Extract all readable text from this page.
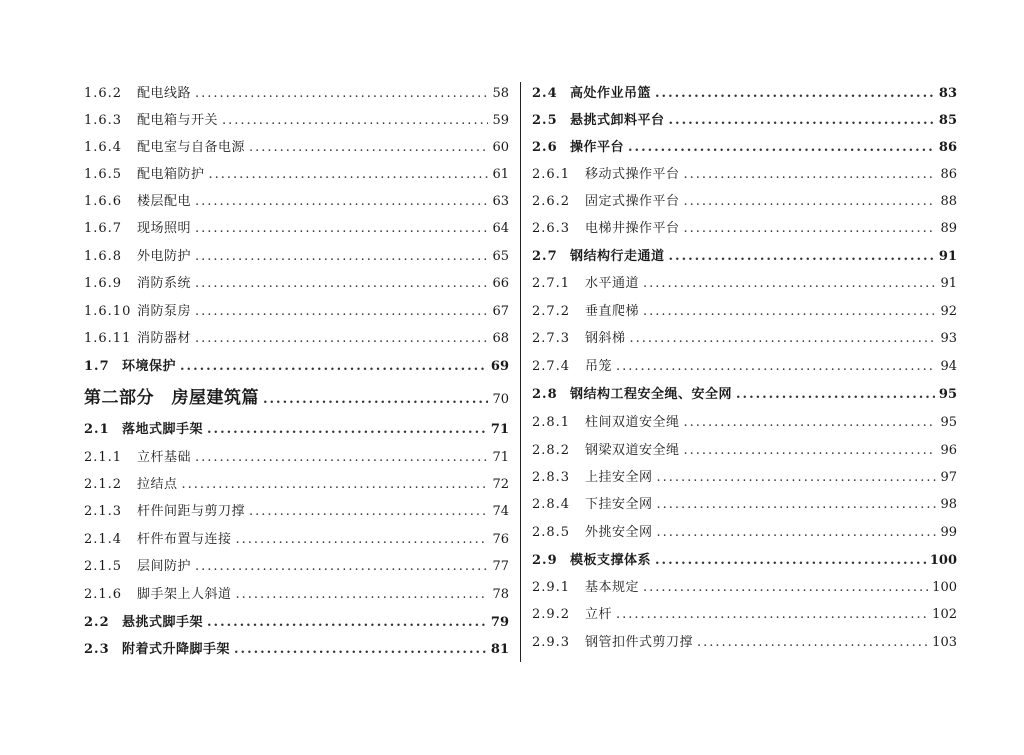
1.6.2	配电线路 .....	58
1.6.3	配电箱与开关 .....	59
1.6.4	配电室与自备电源 .....	60
1.6.5	配电箱防护 .....	61
1.6.6	楼层配电 .....	63
1.6.7	现场照明 .....	64
1.6.8	外电防护 .....	65
1.6.9	消防系统 .....	66
1.6.10 消防泵房 .....	67
1.6.11 消防器材 .....	68
1.7 环境保护 .....	69
第二部分　房屋建筑篇 .....	70
2.1 落地式脚手架 .....	71
2.1.1	立杆基础 .....	71
2.1.2	拉结点 .....	72
2.1.3	杆件间距与剪刀撑 .....	74
2.1.4	杆件布置与连接 .....	76
2.1.5	层间防护 .....	77
2.1.6	脚手架上人斜道 .....	78
2.2 悬挑式脚手架 .....	79
2.3 附着式升降脚手架 .....	81
2.4 高处作业吊篮 .....	83
2.5 悬挑式卸料平台 .....	85
2.6 操作平台 .....	86
2.6.1	移动式操作平台 .....	86
2.6.2	固定式操作平台 .....	88
2.6.3	电梯井操作平台 .....	89
2.7 钢结构行走通道 .....	91
2.7.1	水平通道 .....	91
2.7.2	垂直爬梯 .....	92
2.7.3	钢斜梯 .....	93
2.7.4	吊笼 .....	94
2.8 钢结构工程安全绳、安全网 .....	95
2.8.1	柱间双道安全绳 .....	95
2.8.2	钢梁双道安全绳 .....	96
2.8.3	上挂安全网 .....	97
2.8.4	下挂安全网 .....	98
2.8.5	外挑安全网 .....	99
2.9 模板支撑体系 .....	100
2.9.1	基本规定 .....	100
2.9.2	立杆 .....	102
2.9.3	钢管扣件式剪刀撑 .....	103
